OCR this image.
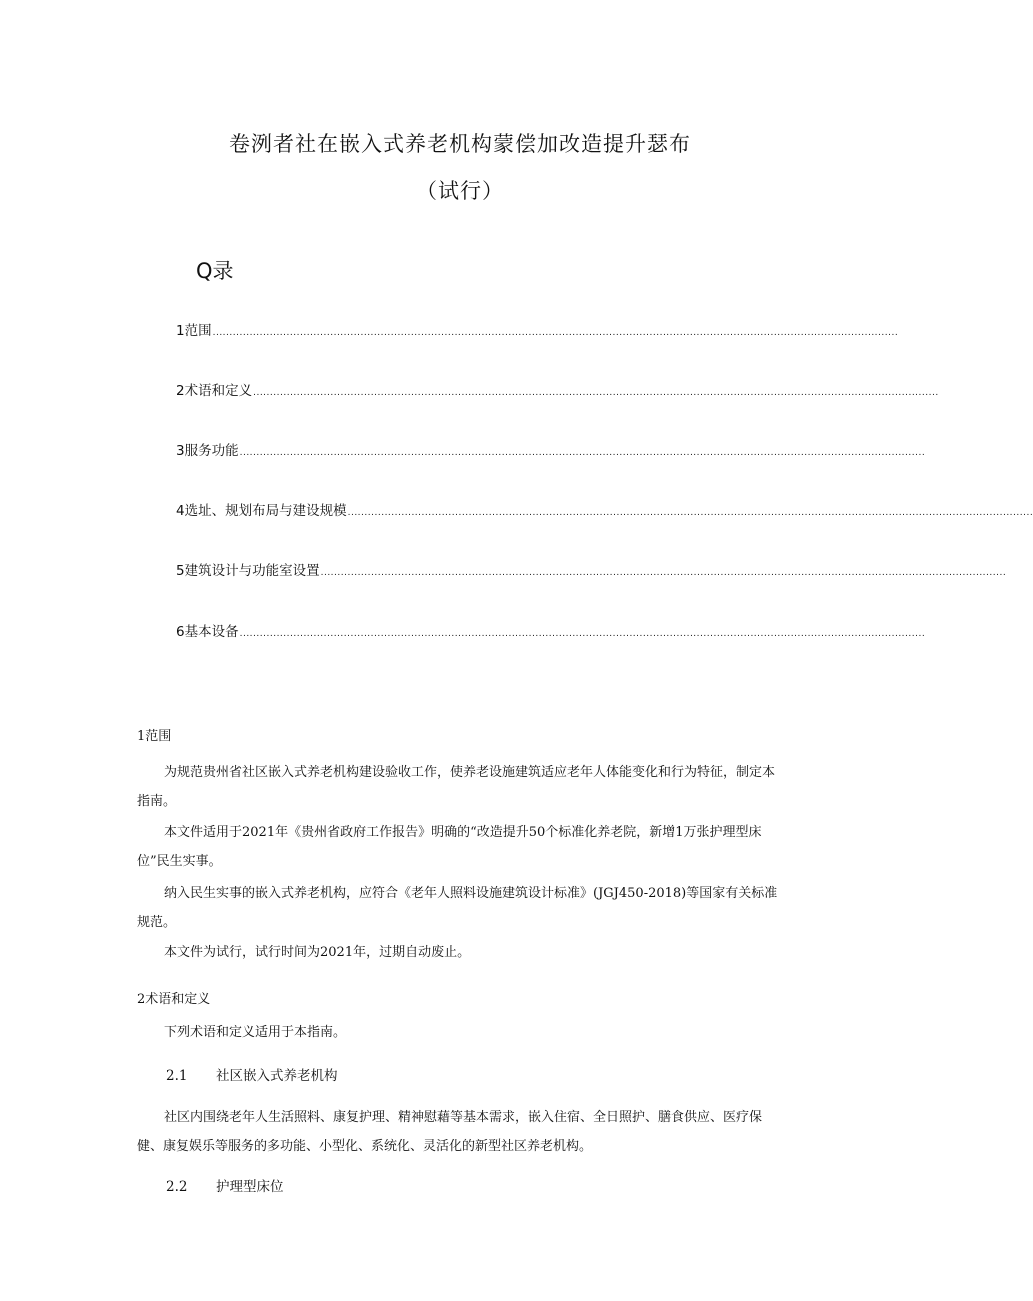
卷洌者社在嵌入式养老机构蒙偿加改造提升瑟布
（试行）
Q录
1范围 ............................................................................................................................................................................................................
2术语和定义 ............................................................................................................................................................................................................
3服务功能 ............................................................................................................................................................................................................
4选址、规划布局与建设规模 ............................................................................................................................................................................................................
5建筑设计与功能室设置 ............................................................................................................................................................................................................
6基本设备 ............................................................................................................................................................................................................
1范围

为规范贵州省社区嵌入式养老机构建设验收工作，使养老设施建筑适应老年人体能变化和行为特征，制定本指南。

本文件适用于2021年《贵州省政府工作报告》明确的“改造提升50个标准化养老院，新增1万张护理型床位”民生实事。

纳入民生实事的嵌入式养老机构，应符合《老年人照料设施建筑设计标准》(JGJ450-2018)等国家有关标准规范。

本文件为试行，试行时间为2021年，过期自动废止。

2术语和定义

下列术语和定义适用于本指南。

2.1 社区嵌入式养老机构

社区内围绕老年人生活照料、康复护理、精神慰藉等基本需求，嵌入住宿、全日照护、膳食供应、医疗保健、康复娱乐等服务的多功能、小型化、系统化、灵活化的新型社区养老机构。

2.2 护理型床位
